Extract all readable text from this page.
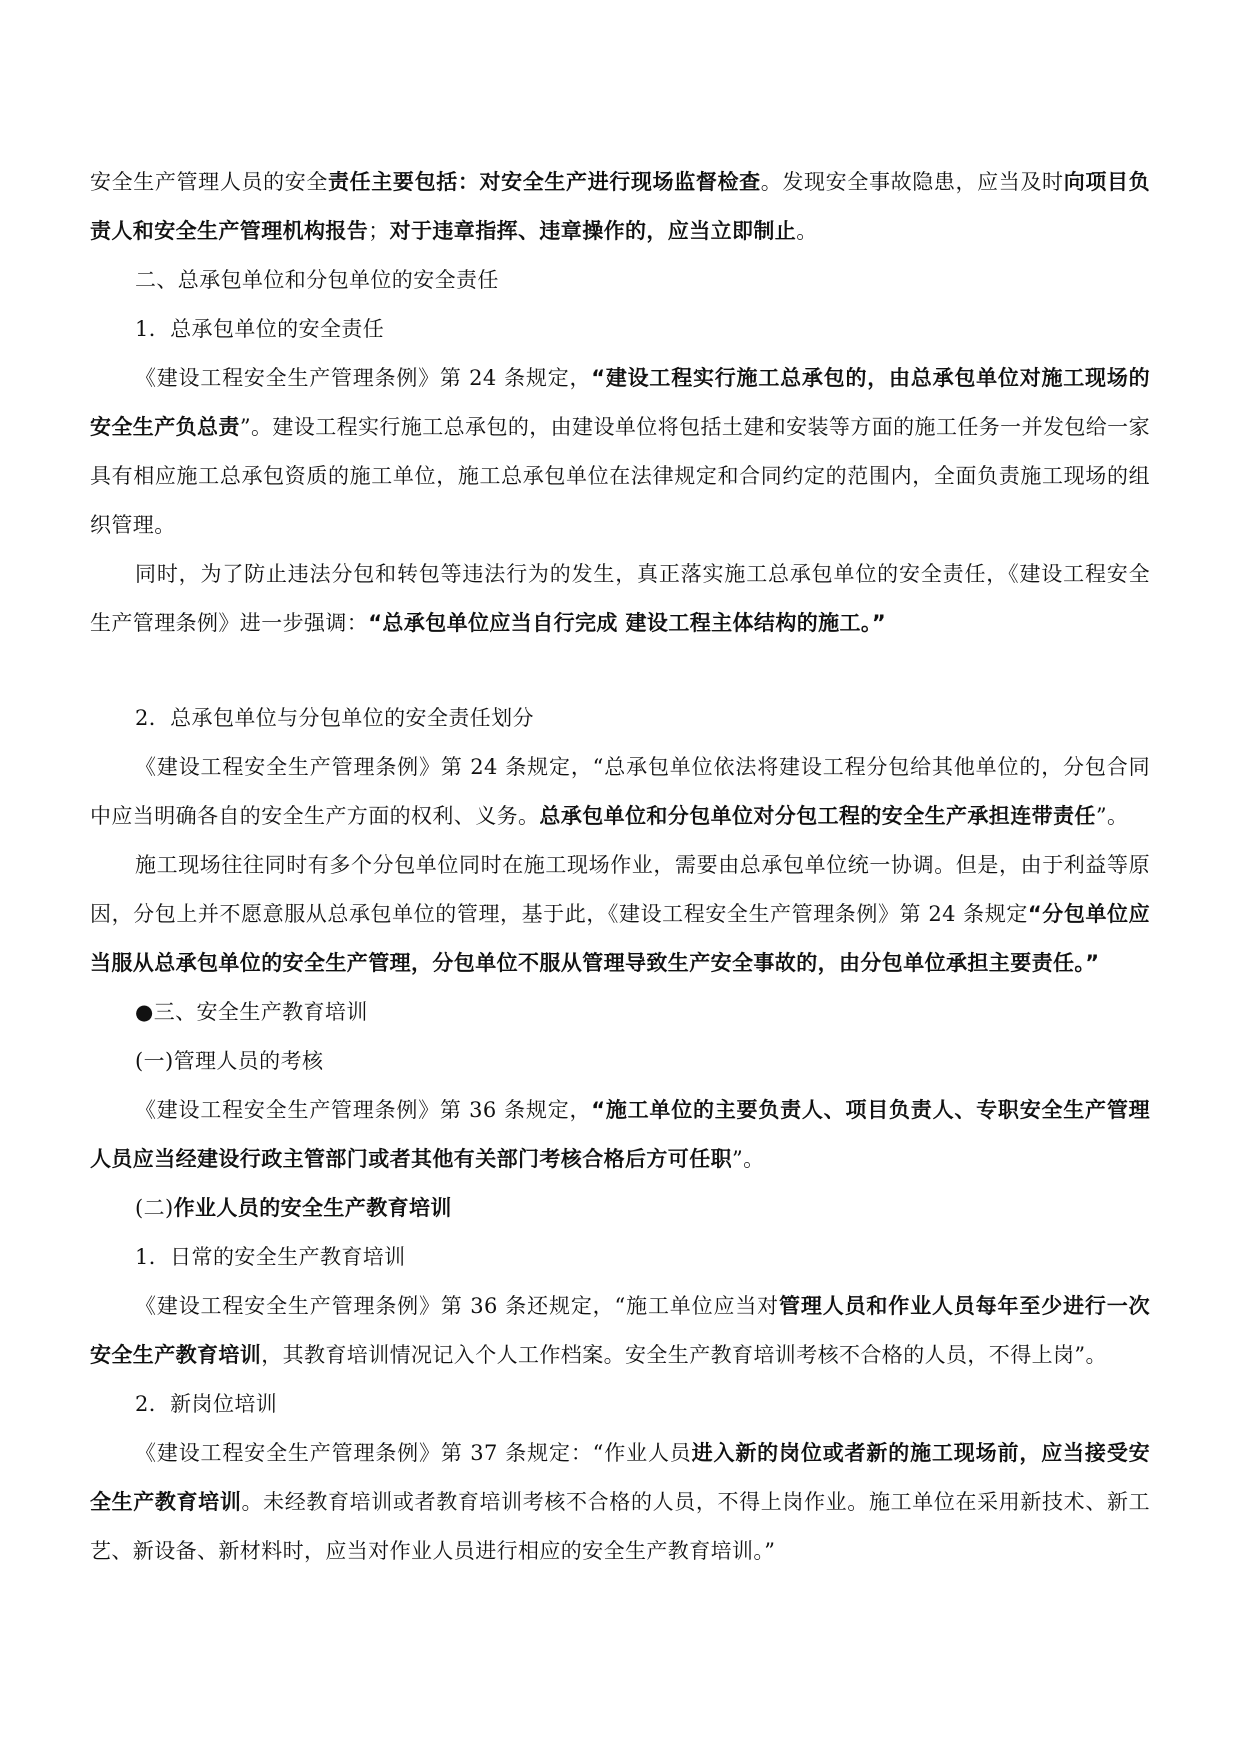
安全生产管理人员的安全责任主要包括：对安全生产进行现场监督检查。发现安全事故隐患，应当及时向项目负责人和安全生产管理机构报告；对于违章指挥、违章操作的，应当立即制止。

二、总承包单位和分包单位的安全责任

1．总承包单位的安全责任

《建设工程安全生产管理条例》第 24 条规定，“建设工程实行施工总承包的，由总承包单位对施工现场的安全生产负总责”。建设工程实行施工总承包的，由建设单位将包括土建和安装等方面的施工任务一并发包给一家具有相应施工总承包资质的施工单位，施工总承包单位在法律规定和合同约定的范围内，全面负责施工现场的组织管理。

同时，为了防止违法分包和转包等违法行为的发生，真正落实施工总承包单位的安全责任，《建设工程安全生产管理条例》进一步强调：“总承包单位应当自行完成 建设工程主体结构的施工。”

2．总承包单位与分包单位的安全责任划分

《建设工程安全生产管理条例》第 24 条规定，“总承包单位依法将建设工程分包给其他单位的，分包合同中应当明确各自的安全生产方面的权利、义务。总承包单位和分包单位对分包工程的安全生产承担连带责任”。

施工现场往往同时有多个分包单位同时在施工现场作业，需要由总承包单位统一协调。但是，由于利益等原因，分包上并不愿意服从总承包单位的管理，基于此，《建设工程安全生产管理条例》第 24 条规定“分包单位应当服从总承包单位的安全生产管理，分包单位不服从管理导致生产安全事故的，由分包单位承担主要责任。”

●三、安全生产教育培训

(一)管理人员的考核

《建设工程安全生产管理条例》第 36 条规定，“施工单位的主要负责人、项目负责人、专职安全生产管理人员应当经建设行政主管部门或者其他有关部门考核合格后方可任职”。

(二)作业人员的安全生产教育培训

1．日常的安全生产教育培训

《建设工程安全生产管理条例》第 36 条还规定，“施工单位应当对管理人员和作业人员每年至少进行一次安全生产教育培训，其教育培训情况记入个人工作档案。安全生产教育培训考核不合格的人员，不得上岗”。

2．新岗位培训

《建设工程安全生产管理条例》第 37 条规定：“作业人员进入新的岗位或者新的施工现场前，应当接受安全生产教育培训。未经教育培训或者教育培训考核不合格的人员，不得上岗作业。施工单位在采用新技术、新工艺、新设备、新材料时，应当对作业人员进行相应的安全生产教育培训。”
